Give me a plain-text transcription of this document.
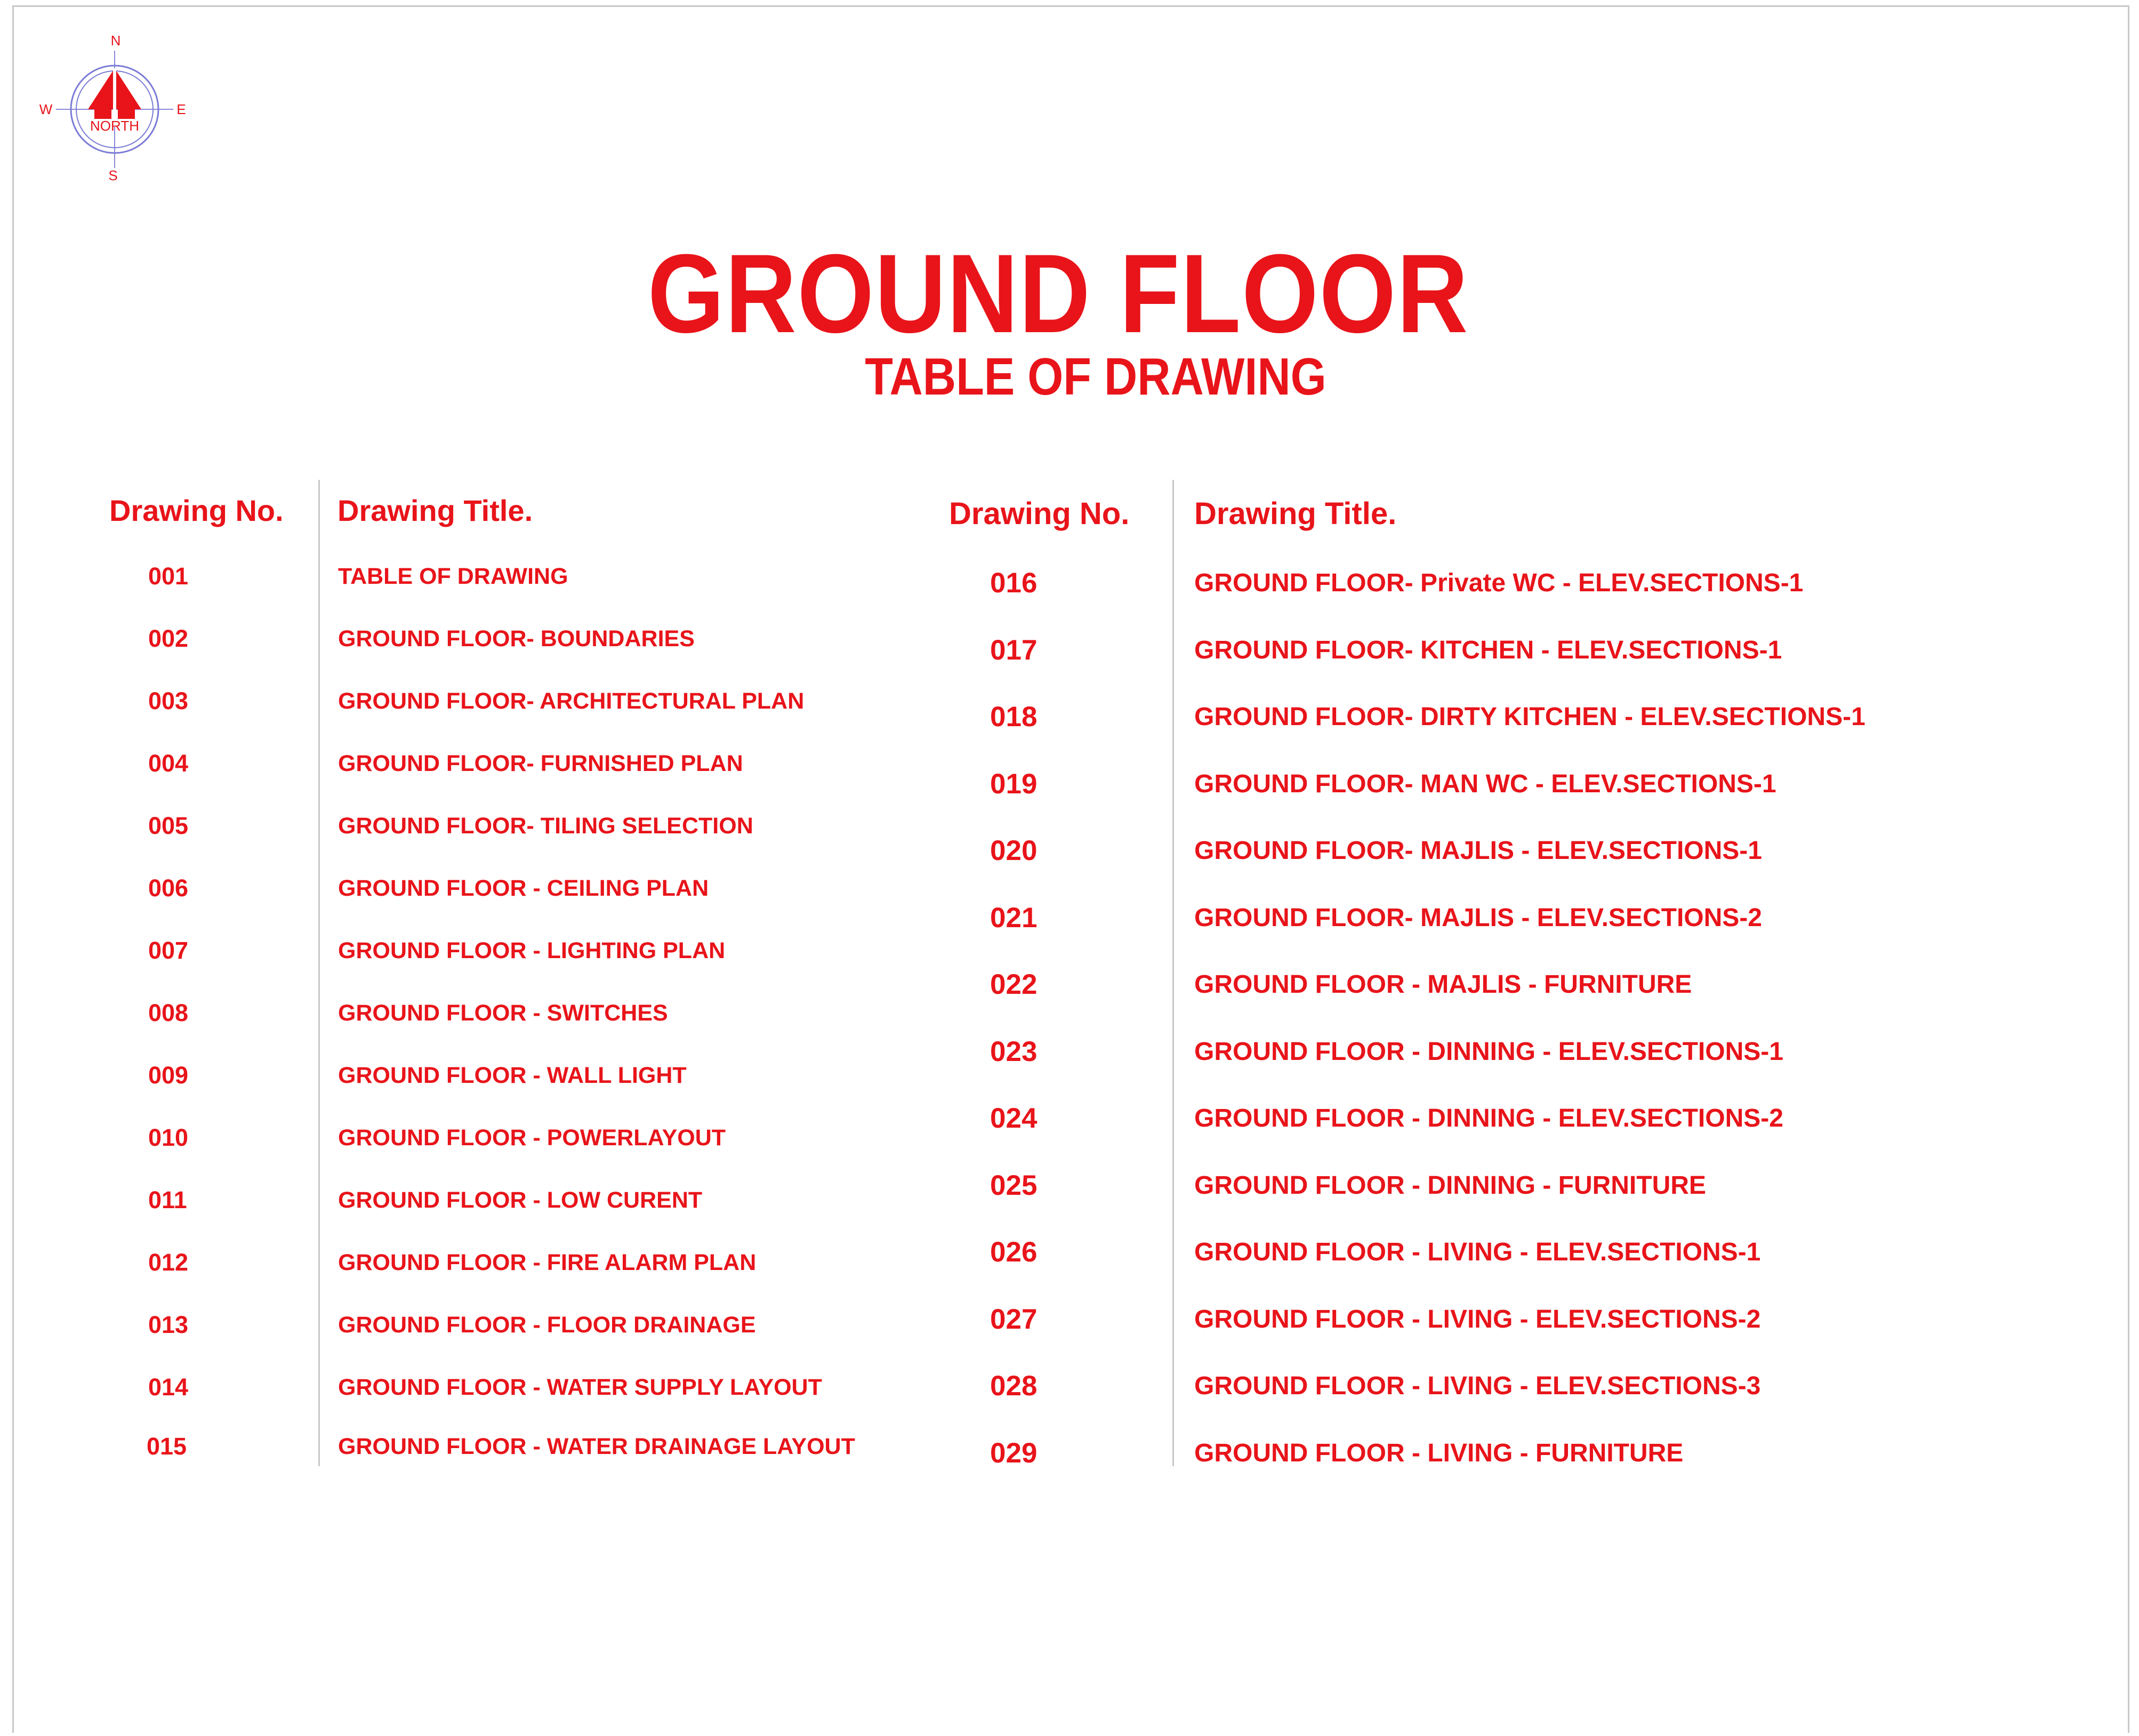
NORTH
N
S
W	E
GROUND FLOOR
TABLE OF DRAWING
Drawing No. Drawing Title.
001	TABLE OF DRAWING
002	GROUND FLOOR- BOUNDARIES
003	GROUND FLOOR- ARCHITECTURAL PLAN
004	GROUND FLOOR- FURNISHED PLAN
005	GROUND FLOOR- TILING SELECTION
006	GROUND FLOOR - CEILING PLAN
007	GROUND FLOOR - LIGHTING PLAN
008	GROUND FLOOR - SWITCHES
009	GROUND FLOOR - WALL LIGHT
010	GROUND FLOOR - POWERLAYOUT
011	GROUND FLOOR - LOW CURENT
012	GROUND FLOOR - FIRE ALARM PLAN
013	GROUND FLOOR - FLOOR DRAINAGE
014	GROUND FLOOR - WATER SUPPLY LAYOUT
015	GROUND FLOOR - WATER DRAINAGE LAYOUT
Drawing No. Drawing Title.
016	GROUND FLOOR- Private WC - ELEV.SECTIONS-1
017	GROUND FLOOR- KITCHEN - ELEV.SECTIONS-1
018	GROUND FLOOR- DIRTY KITCHEN - ELEV.SECTIONS-1
019	GROUND FLOOR- MAN WC - ELEV.SECTIONS-1
020	GROUND FLOOR- MAJLIS - ELEV.SECTIONS-1
021	GROUND FLOOR- MAJLIS - ELEV.SECTIONS-2
022	GROUND FLOOR - MAJLIS - FURNITURE
023	GROUND FLOOR - DINNING - ELEV.SECTIONS-1
024	GROUND FLOOR - DINNING - ELEV.SECTIONS-2
025	GROUND FLOOR - DINNING - FURNITURE
026	GROUND FLOOR - LIVING - ELEV.SECTIONS-1
027	GROUND FLOOR - LIVING - ELEV.SECTIONS-2
028	GROUND FLOOR - LIVING - ELEV.SECTIONS-3
029	GROUND FLOOR - LIVING - FURNITURE
